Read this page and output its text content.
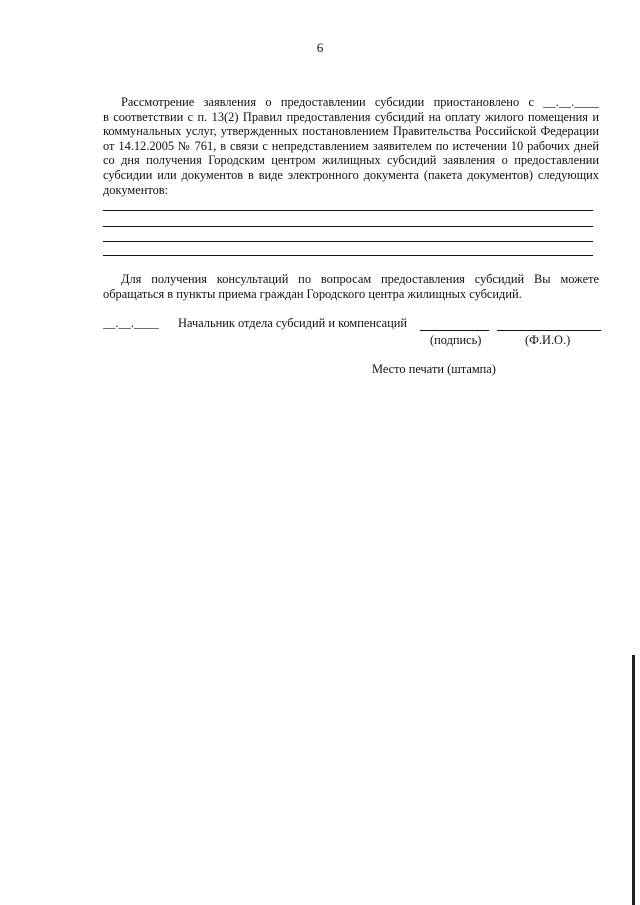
6
Рассмотрение заявления о предоставлении субсидии приостановлено с __.__.____
в соответствии с п. 13(2) Правил предоставления субсидий на оплату жилого помещения и коммунальных услуг, утвержденных постановлением Правительства Российской Федерации от 14.12.2005 № 761, в связи с непредставлением заявителем по истечении 10 рабочих дней со дня получения Городским центром жилищных субсидий заявления о предоставлении субсидии или документов в виде электронного документа (пакета документов) следующих документов:
Для получения консультаций по вопросам предоставления субсидий Вы можете обращаться в пункты приема граждан Городского центра жилищных субсидий.
__.__.____ Начальник отдела субсидий и компенсаций
(подпись)	(Ф.И.О.)
Место печати (штампа)
